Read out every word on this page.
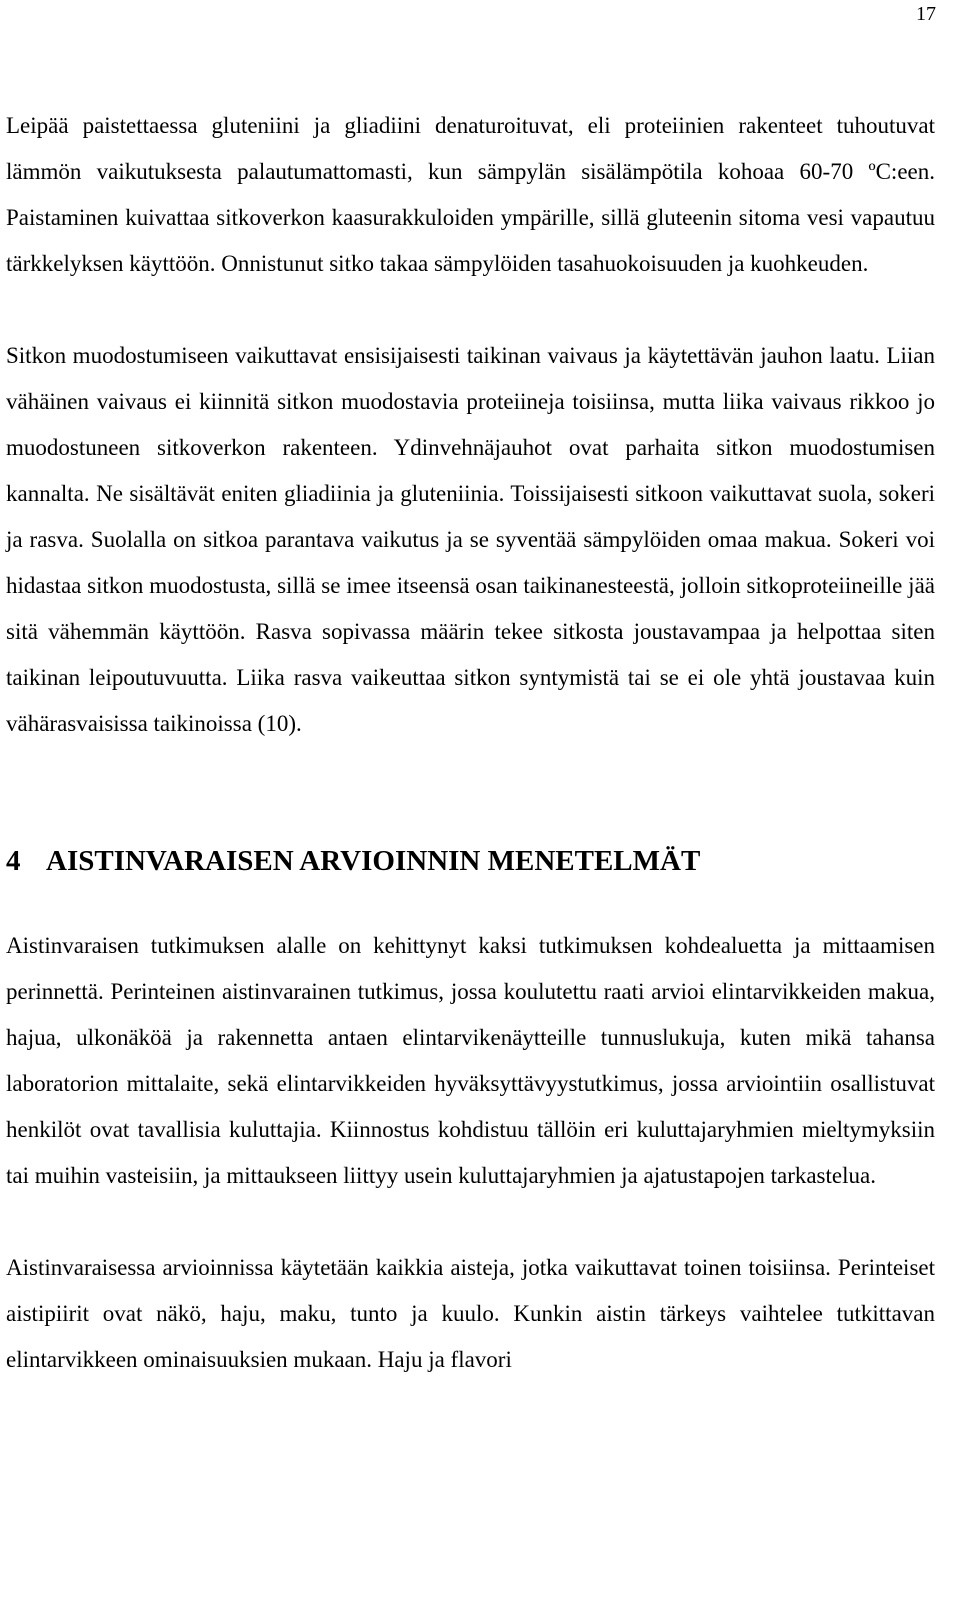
17

Leipää paistettaessa gluteniini ja gliadiini denaturoituvat, eli proteiinien rakenteet tuhoutuvat lämmön vaikutuksesta palautumattomasti, kun sämpylän sisälämpötila kohoaa 60-70 ºC:een. Paistaminen kuivattaa sitkoverkon kaasurakkuloiden ympärille, sillä gluteenin sitoma vesi vapautuu tärkkelyksen käyttöön. Onnistunut sitko takaa sämpylöiden tasahuokoisuuden ja kuohkeuden.

Sitkon muodostumiseen vaikuttavat ensisijaisesti taikinan vaivaus ja käytettävän jauhon laatu. Liian vähäinen vaivaus ei kiinnitä sitkon muodostavia proteiineja toisiinsa, mutta liika vaivaus rikkoo jo muodostuneen sitkoverkon rakenteen. Ydinvehnäjauhot ovat parhaita sitkon muodostumisen kannalta. Ne sisältävät eniten gliadiinia ja gluteniinia. Toissijaisesti sitkoon vaikuttavat suola, sokeri ja rasva. Suolalla on sitkoa parantava vaikutus ja se syventää sämpylöiden omaa makua. Sokeri voi hidastaa sitkon muodostusta, sillä se imee itseensä osan taikinanesteestä, jolloin sitkoproteiineille jää sitä vähemmän käyttöön. Rasva sopivassa määrin tekee sitkosta joustavampaa ja helpottaa siten taikinan leipoutuvuutta. Liika rasva vaikeuttaa sitkon syntymistä tai se ei ole yhtä joustavaa kuin vähärasvaisissa taikinoissa (10).

4 AISTINVARAISEN ARVIOINNIN MENETELMÄT

Aistinvaraisen tutkimuksen alalle on kehittynyt kaksi tutkimuksen kohdealuetta ja mittaamisen perinnettä. Perinteinen aistinvarainen tutkimus, jossa koulutettu raati arvioi elintarvikkeiden makua, hajua, ulkonäköä ja rakennetta antaen elintarvikenäytteille tunnuslukuja, kuten mikä tahansa laboratorion mittalaite, sekä elintarvikkeiden hyväksyttävyystutkimus, jossa arviointiin osallistuvat henkilöt ovat tavallisia kuluttajia. Kiinnostus kohdistuu tällöin eri kuluttajaryhmien mieltymyksiin tai muihin vasteisiin, ja mittaukseen liittyy usein kuluttajaryhmien ja ajatustapojen tarkastelua.

Aistinvaraisessa arvioinnissa käytetään kaikkia aisteja, jotka vaikuttavat toinen toisiinsa. Perinteiset aistipiirit ovat näkö, haju, maku, tunto ja kuulo. Kunkin aistin tärkeys vaihtelee tutkittavan elintarvikkeen ominaisuuksien mukaan. Haju ja flavori
